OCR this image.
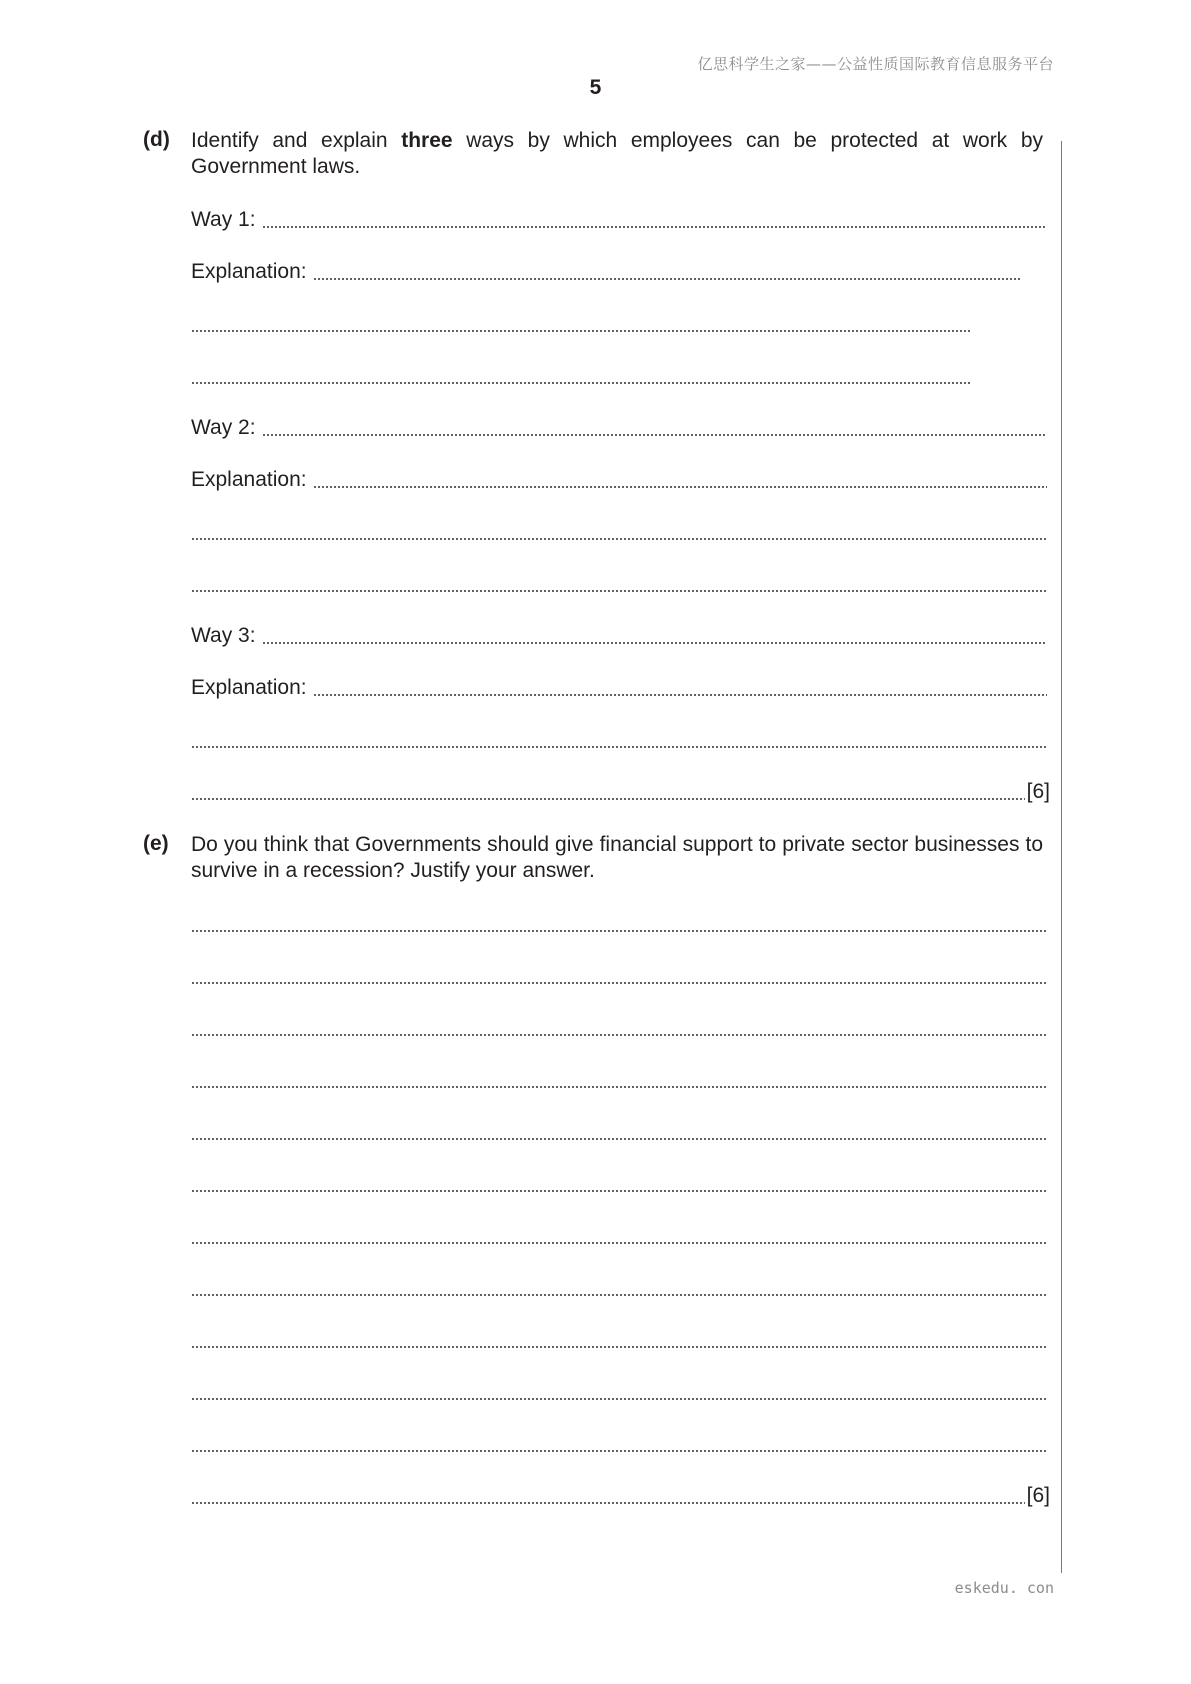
亿思科学生之家——公益性质国际教育信息服务平台
5
(d) Identify and explain three ways by which employees can be protected at work by Government laws.
Way 1:
Explanation:
Way 2:
Explanation:
Way 3:
Explanation:
[6]
(e) Do you think that Governments should give financial support to private sector businesses to survive in a recession? Justify your answer.
[6]
eskedu. con
